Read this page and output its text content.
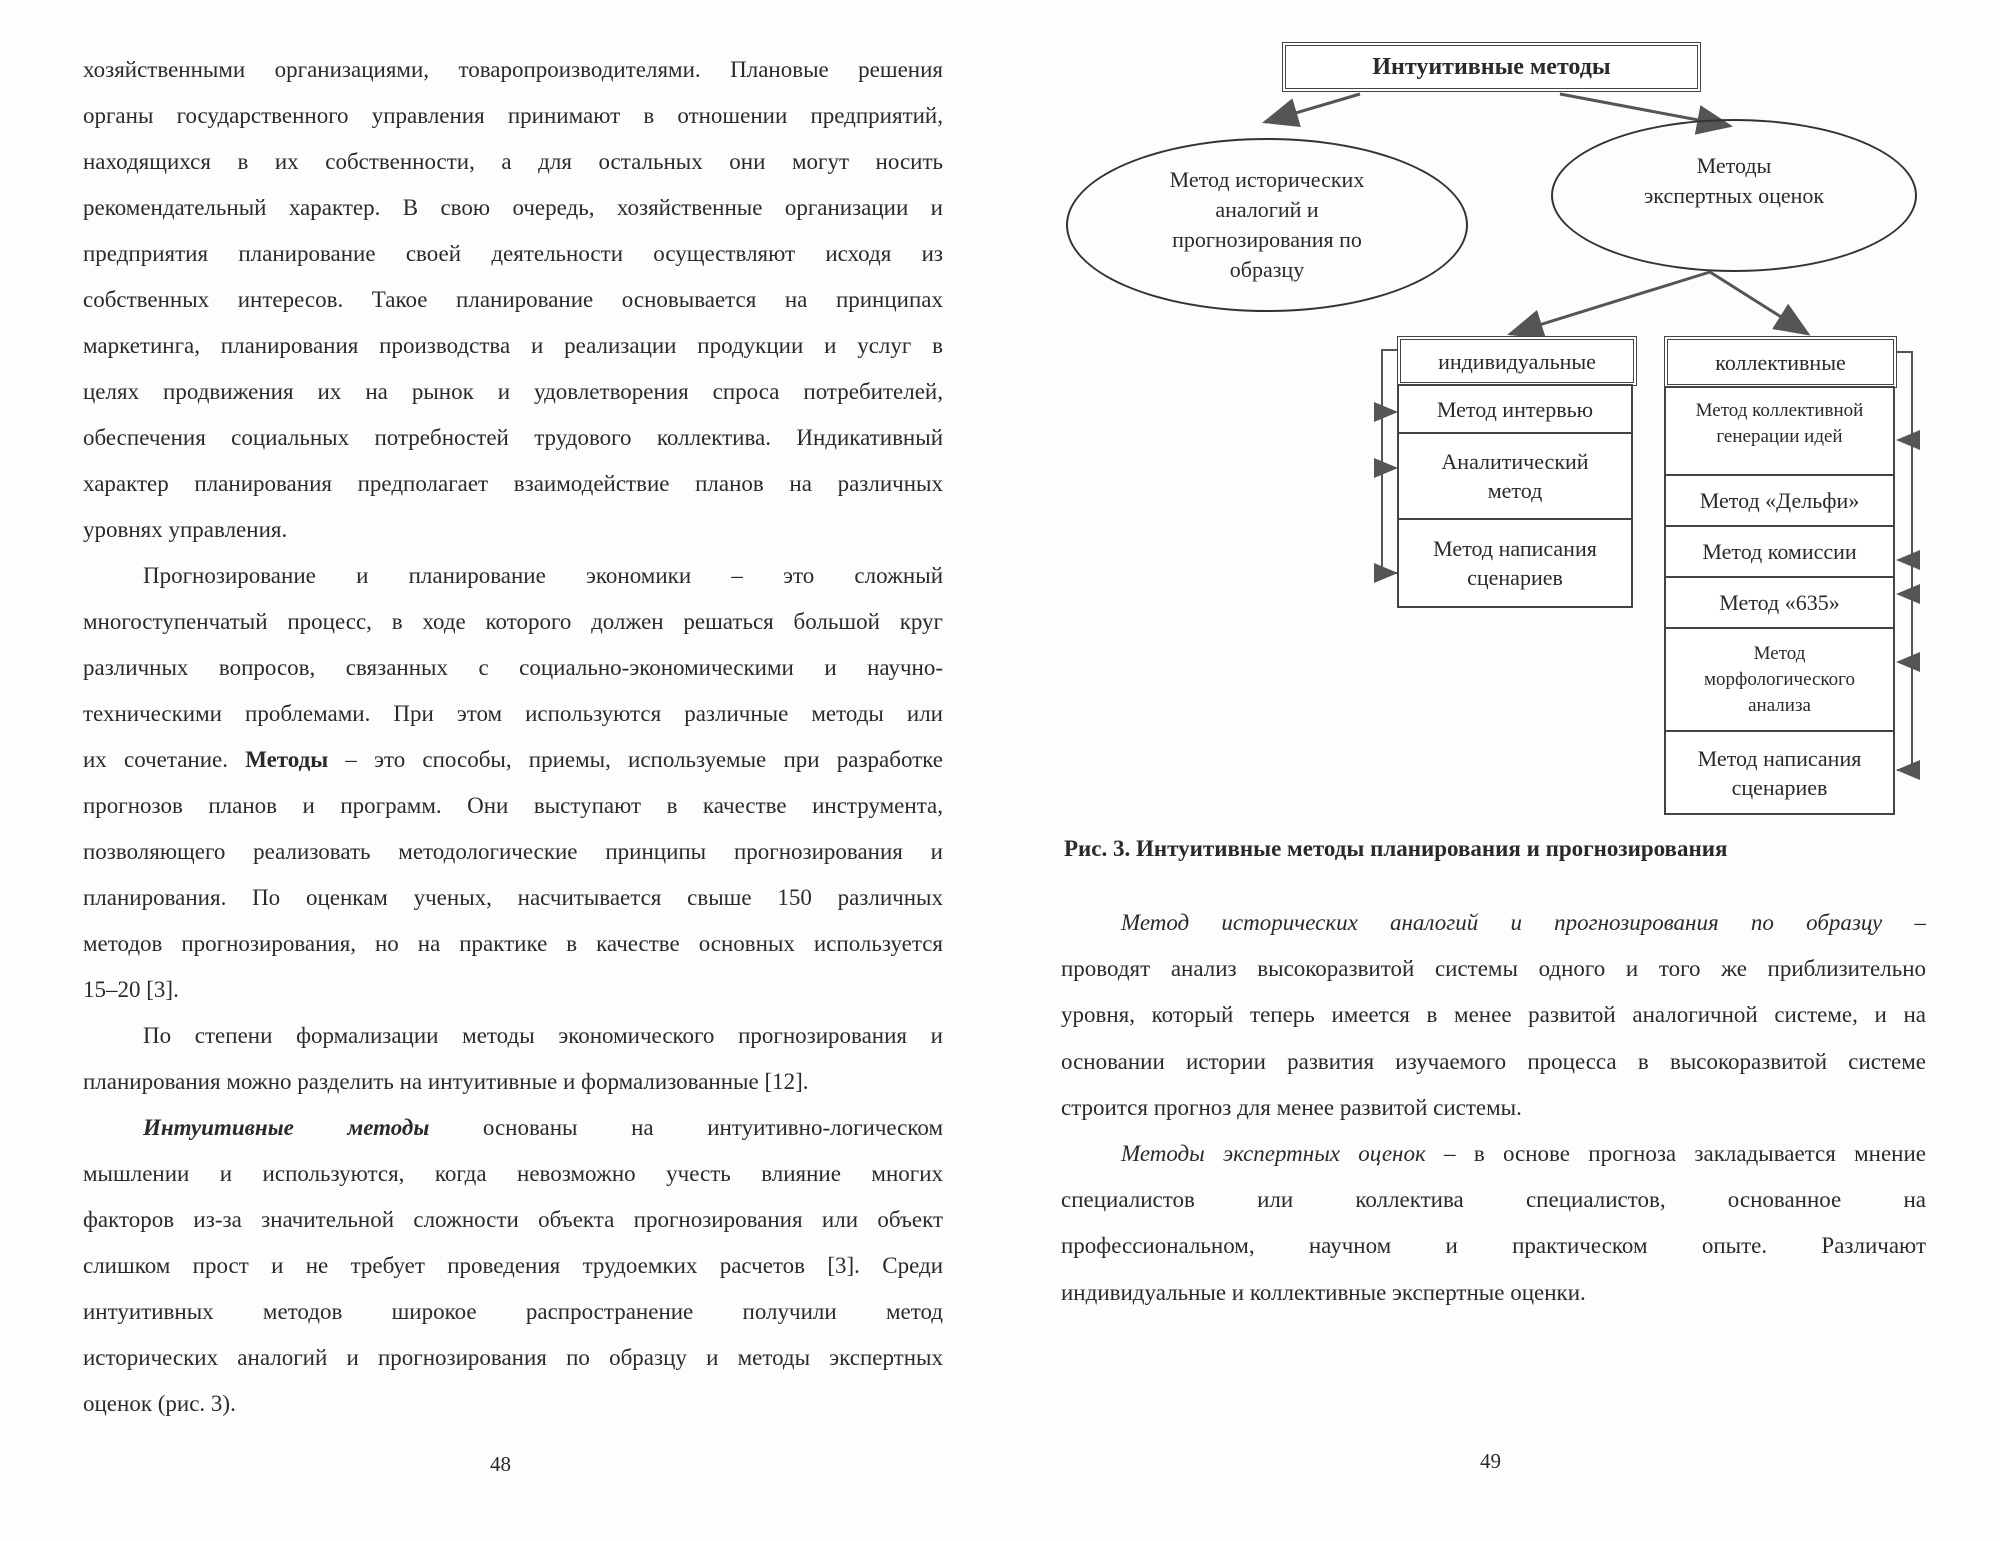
хозяйственными организациями, товаропроизводителями. Плановые решения
органы государственного управления принимают в отношении предприятий,
находящихся в их собственности, а для остальных они могут носить
рекомендательный характер. В свою очередь, хозяйственные организации и
предприятия планирование своей деятельности осуществляют исходя из
собственных интересов. Такое планирование основывается на принципах
маркетинга, планирования производства и реализации продукции и услуг в
целях продвижения их на рынок и удовлетворения спроса потребителей,
обеспечения социальных потребностей трудового коллектива. Индикативный
характер планирования предполагает взаимодействие планов на различных
уровнях управления.
Прогнозирование и планирование экономики – это сложный
многоступенчатый процесс, в ходе которого должен решаться большой круг
различных вопросов, связанных с социально-экономическими и научно-
техническими проблемами. При этом используются различные методы или
их сочетание. Методы – это способы, приемы, используемые при разработке
прогнозов планов и программ. Они выступают в качестве инструмента,
позволяющего реализовать методологические принципы прогнозирования и
планирования. По оценкам ученых, насчитывается свыше 150 различных
методов прогнозирования, но на практике в качестве основных используется
15–20 [3].
По степени формализации методы экономического прогнозирования и
планирования можно разделить на интуитивные и формализованные [12].
Интуитивные методы основаны на интуитивно-логическом
мышлении и используются, когда невозможно учесть влияние многих
факторов из-за значительной сложности объекта прогнозирования или объект
слишком прост и не требует проведения трудоемких расчетов [3]. Среди
интуитивных методов широкое распространение получили метод
исторических аналогий и прогнозирования по образцу и методы экспертных
оценок (рис. 3).
48
Интуитивные методы
Метод исторических аналогий и прогнозирования по образцу
Методы экспертных оценок
индивидуальные
Метод интервью
Аналитический метод
Метод написания сценариев
коллективные
Метод коллективной генерации идей
Метод «Дельфи»
Метод комиссии
Метод «635»
Метод морфологического анализа
Метод написания сценариев
Рис. 3. Интуитивные методы планирования и прогнозирования
Метод исторических аналогий и прогнозирования по образцу –
проводят анализ высокоразвитой системы одного и того же приблизительно
уровня, который теперь имеется в менее развитой аналогичной системе, и на
основании истории развития изучаемого процесса в высокоразвитой системе
строится прогноз для менее развитой системы.
Методы экспертных оценок – в основе прогноза закладывается мнение
специалистов или коллектива специалистов, основанное на
профессиональном, научном и практическом опыте. Различают
индивидуальные и коллективные экспертные оценки.
49
